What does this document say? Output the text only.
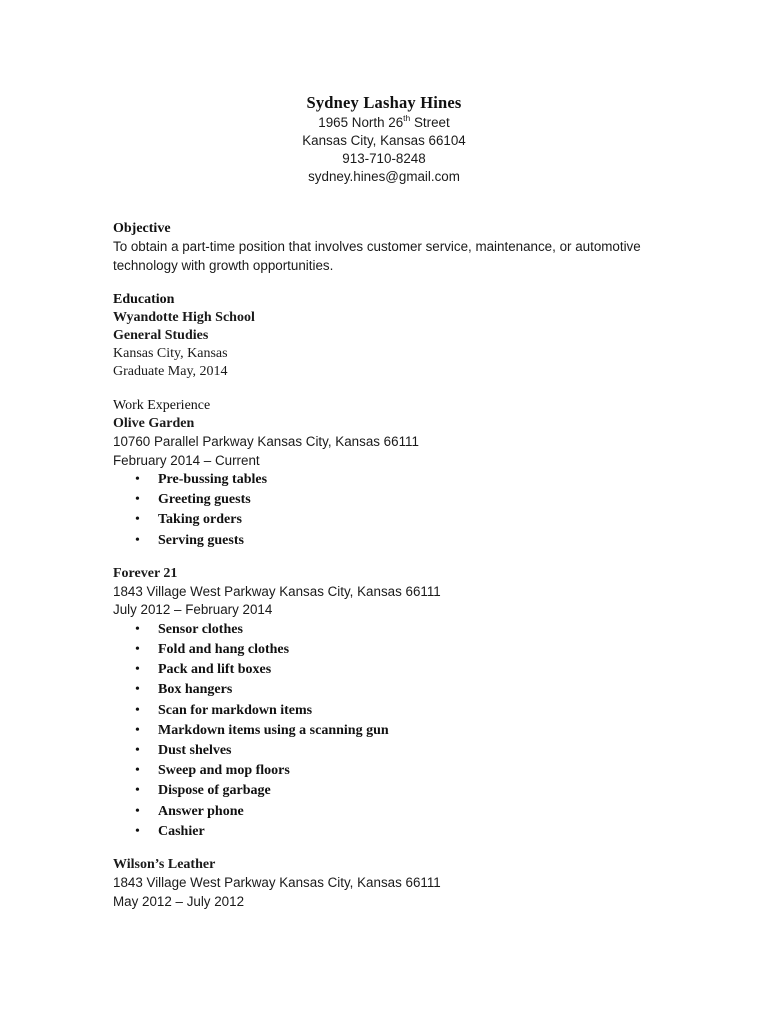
Sydney Lashay Hines
1965 North 26th Street
Kansas City, Kansas 66104
913-710-8248
sydney.hines@gmail.com
Objective
To obtain a part-time position that involves customer service, maintenance, or automotive technology with growth opportunities.
Education
Wyandotte High School
General Studies
Kansas City, Kansas
Graduate May, 2014
Work Experience
Olive Garden
10760 Parallel Parkway Kansas City, Kansas 66111
February 2014 – Current
• Pre-bussing tables
• Greeting guests
• Taking orders
• Serving guests
Forever 21
1843 Village West Parkway Kansas City, Kansas 66111
July 2012 – February 2014
• Sensor clothes
• Fold and hang clothes
• Pack and lift boxes
• Box hangers
• Scan for markdown items
• Markdown items using a scanning gun
• Dust shelves
• Sweep and mop floors
• Dispose of garbage
• Answer phone
• Cashier
Wilson’s Leather
1843 Village West Parkway Kansas City, Kansas 66111
May 2012 – July 2012
